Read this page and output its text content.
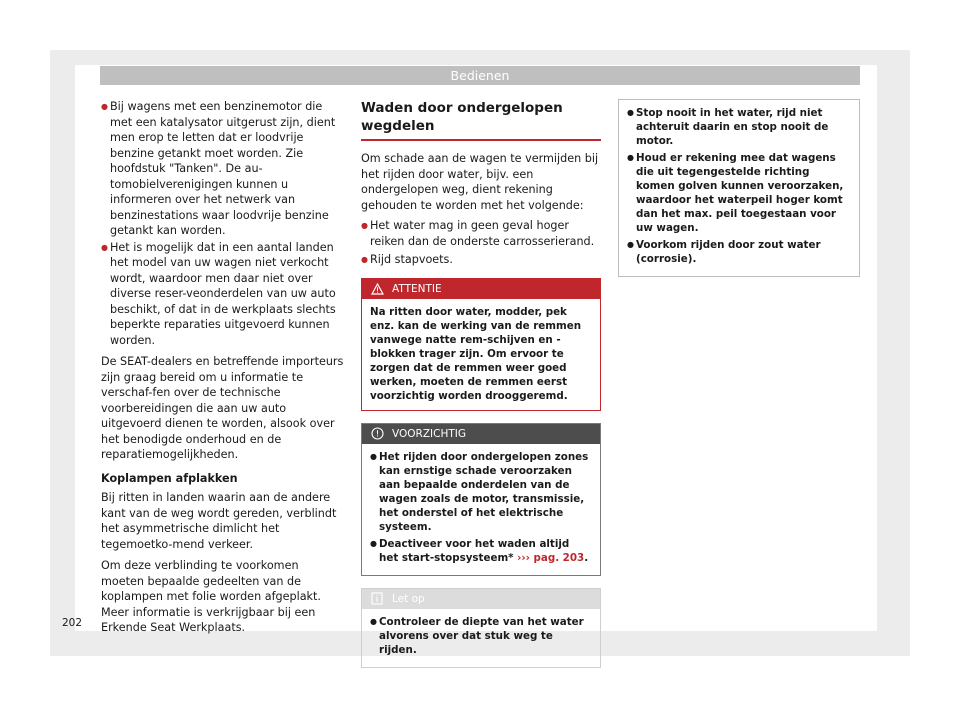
Bedienen

● Bij wagens met een benzinemotor die met een katalysator uitgerust zijn, dient men erop te letten dat er loodvrije benzine getankt moet worden. Zie hoofdstuk "Tanken". De au-tomobielverenigingen kunnen u informeren over het netwerk van benzinestations waar loodvrije benzine getankt kan worden.

● Het is mogelijk dat in een aantal landen het model van uw wagen niet verkocht wordt, waardoor men daar niet over diverse reser-veonderdelen van uw auto beschikt, of dat in de werkplaats slechts beperkte reparaties uitgevoerd kunnen worden.

De SEAT-dealers en betreffende importeurs zijn graag bereid om u informatie te verschaf-fen over de technische voorbereidingen die aan uw auto uitgevoerd dienen te worden, alsook over het benodigde onderhoud en de reparatiemogelijkheden.

Koplampen afplakken

Bij ritten in landen waarin aan de andere kant van de weg wordt gereden, verblindt het asymmetrische dimlicht het tegemoetko-mend verkeer.

Om deze verblinding te voorkomen moeten bepaalde gedeelten van de koplampen met folie worden afgeplakt. Meer informatie is verkrijgbaar bij een Erkende Seat Werkplaats.

Waden door ondergelopen wegdelen

Om schade aan de wagen te vermijden bij het rijden door water, bijv. een ondergelopen weg, dient rekening gehouden te worden met het volgende:

● Het water mag in geen geval hoger reiken dan de onderste carrosserierand.

● Rijd stapvoets.

ATTENTIE

Na ritten door water, modder, pek enz. kan de werking van de remmen vanwege natte rem-schijven en -blokken trager zijn. Om ervoor te zorgen dat de remmen weer goed werken, moeten de remmen eerst voorzichtig worden drooggeremd.

VOORZICHTIG

● Het rijden door ondergelopen zones kan ernstige schade veroorzaken aan bepaalde onderdelen van de wagen zoals de motor, transmissie, het onderstel of het elektrische systeem.

● Deactiveer voor het waden altijd het start-stopsysteem* ››› pag. 203.

Let op

● Controleer de diepte van het water alvorens over dat stuk weg te rijden.

● Stop nooit in het water, rijd niet achteruit daarin en stop nooit de motor.

● Houd er rekening mee dat wagens die uit tegengestelde richting komen golven kunnen veroorzaken, waardoor het waterpeil hoger komt dan het max. peil toegestaan voor uw wagen.

● Voorkom rijden door zout water (corrosie).

202
